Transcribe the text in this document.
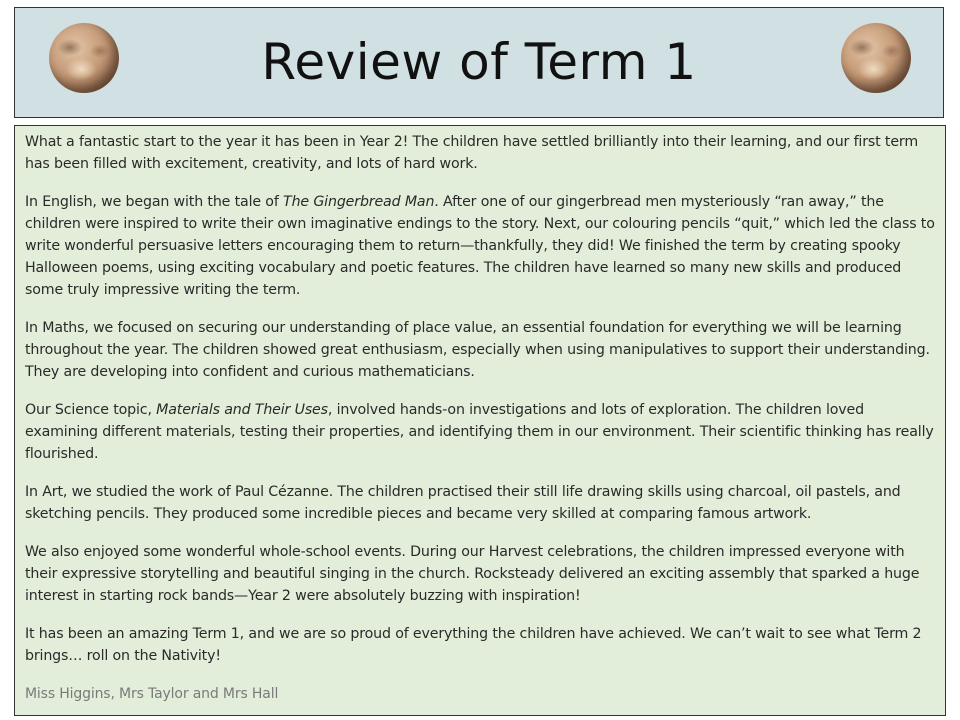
Review of Term 1

What a fantastic start to the year it has been in Year 2! The children have settled brilliantly into their learning, and our first term has been filled with excitement, creativity, and lots of hard work.

In English, we began with the tale of The Gingerbread Man. After one of our gingerbread men mysteriously “ran away,” the children were inspired to write their own imaginative endings to the story. Next, our colouring pencils “quit,” which led the class to write wonderful persuasive letters encouraging them to return—thankfully, they did! We finished the term by creating spooky Halloween poems, using exciting vocabulary and poetic features. The children have learned so many new skills and produced some truly impressive writing the term.

In Maths, we focused on securing our understanding of place value, an essential foundation for everything we will be learning throughout the year. The children showed great enthusiasm, especially when using manipulatives to support their understanding. They are developing into confident and curious mathematicians.

Our Science topic, Materials and Their Uses, involved hands-on investigations and lots of exploration. The children loved examining different materials, testing their properties, and identifying them in our environment. Their scientific thinking has really flourished.

In Art, we studied the work of Paul Cézanne. The children practised their still life drawing skills using charcoal, oil pastels, and sketching pencils. They produced some incredible pieces and became very skilled at comparing famous artwork.

We also enjoyed some wonderful whole-school events. During our Harvest celebrations, the children impressed everyone with their expressive storytelling and beautiful singing in the church. Rocksteady delivered an exciting assembly that sparked a huge interest in starting rock bands—Year 2 were absolutely buzzing with inspiration!

It has been an amazing Term 1, and we are so proud of everything the children have achieved. We can’t wait to see what Term 2 brings… roll on the Nativity!

Miss Higgins, Mrs Taylor and Mrs Hall
